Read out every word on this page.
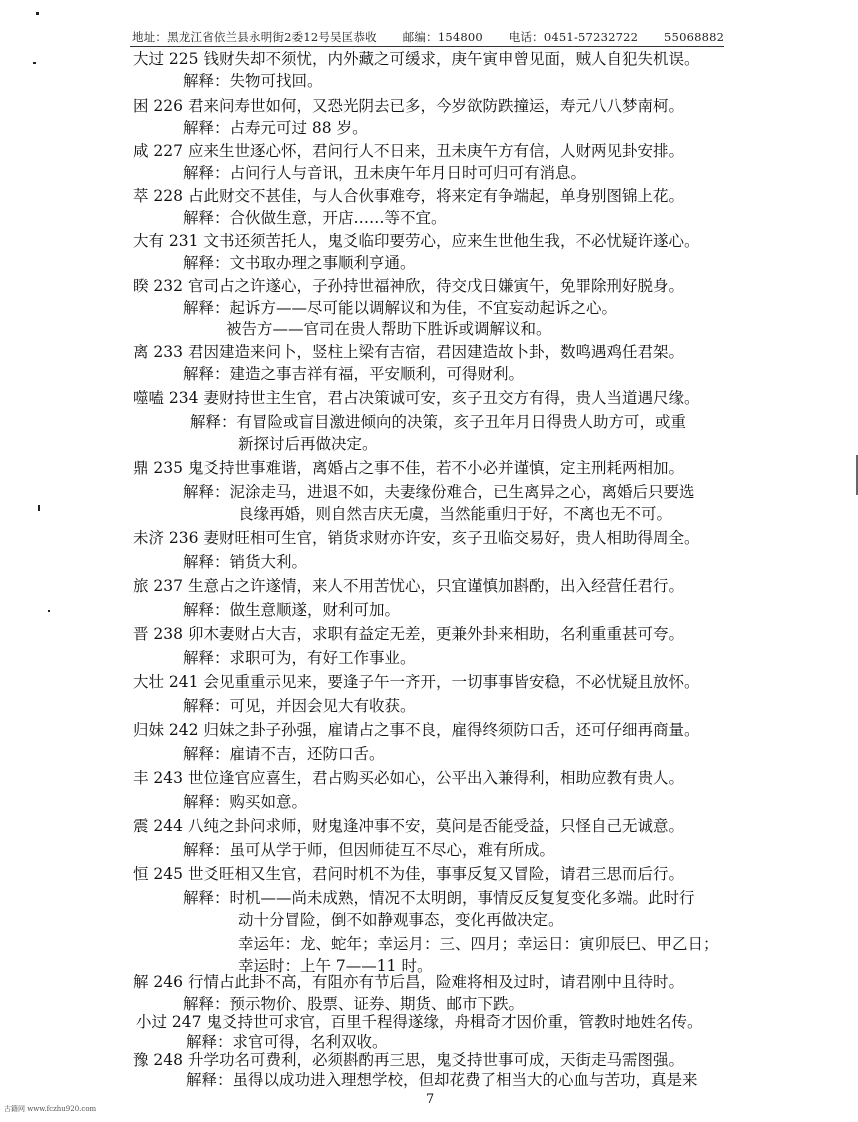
地址：黑龙江省依兰县永明街2委12号吴匡恭收 邮编：154800 电话：0451-57232722 55068882
大过 225 钱财失却不须忧，内外藏之可缓求，庚午寅申曾见面，贼人自犯失机误。
解释：失物可找回。
困 226 君来问寿世如何，又恐光阴去已多，今岁欲防跌撞运，寿元八八梦南柯。
解释：占寿元可过 88 岁。
咸 227 应来生世逐心怀，君问行人不日来，丑未庚午方有信，人财两见卦安排。
解释：占问行人与音讯，丑未庚午年月日时可归可有消息。
萃 228 占此财交不甚佳，与人合伙事难夸，将来定有争端起，单身别图锦上花。
解释：合伙做生意，开店……等不宜。
大有 231 文书还须苦托人，鬼爻临印要劳心，应来生世他生我，不必忧疑许遂心。
解释：文书取办理之事顺利亨通。
睽 232 官司占之许遂心，子孙持世福神欣，待交戊日嫌寅午，免罪除刑好脱身。
解释：起诉方——尽可能以调解议和为佳，不宜妄动起诉之心。
被告方——官司在贵人帮助下胜诉或调解议和。
离 233 君因建造来问卜，竖柱上梁有吉宿，君因建造故卜卦，数鸣遇鸡任君架。
解释：建造之事吉祥有福，平安顺利，可得财利。
噬嗑 234 妻财持世主生官，君占决策诚可安，亥子丑交方有得，贵人当道遇尺缘。
解释：有冒险或盲目激进倾向的决策，亥子丑年月日得贵人助方可，或重
新探讨后再做决定。
鼎 235 鬼爻持世事难谐，离婚占之事不佳，若不小必并谨慎，定主刑耗两相加。
解释：泥涂走马，进退不如，夫妻缘份难合，已生离异之心，离婚后只要选
良缘再婚，则自然吉庆无虞，当然能重归于好，不离也无不可。
未济 236 妻财旺相可生官，销货求财亦许安，亥子丑临交易好，贵人相助得周全。
解释：销货大利。
旅 237 生意占之许遂情，来人不用苦忧心，只宜谨慎加斟酌，出入经营任君行。
解释：做生意顺遂，财利可加。
晋 238 卯木妻财占大吉，求职有益定无差，更兼外卦来相助，名利重重甚可夸。
解释：求职可为，有好工作事业。
大壮 241 会见重重示见来，要逢子午一齐开，一切事事皆安稳，不必忧疑且放怀。
解释：可见，并因会见大有收获。
归妹 242 归妹之卦子孙强，雇请占之事不良，雇得终须防口舌，还可仔细再商量。
解释：雇请不吉，还防口舌。
丰 243 世位逢官应喜生，君占购买必如心，公平出入兼得利，相助应教有贵人。
解释：购买如意。
震 244 八纯之卦问求师，财鬼逢冲事不安，莫问是否能受益，只怪自己无诚意。
解释：虽可从学于师，但因师徒互不尽心，难有所成。
恒 245 世爻旺相又生官，君问时机不为佳，事事反复又冒险，请君三思而后行。
解释：时机——尚未成熟，情况不太明朗，事情反反复复变化多端。此时行
动十分冒险，倒不如静观事态，变化再做决定。
幸运年：龙、蛇年；幸运月：三、四月；幸运日：寅卯辰巳、甲乙日；
幸运时：上午 7——11 时。
解 246 行情占此卦不高，有阻亦有节后昌，险难将相及过时，请君刚中且待时。
解释：预示物价、股票、证券、期货、邮市下跌。
小过 247 鬼爻持世可求官，百里千程得遂缘，舟楫奇才因价重，管教时地姓名传。
解释：求官可得，名利双收。
7
古籍网 www.fczhu920.com
豫 248 升学功名可费利，必须斟酌再三思，鬼爻持世事可成，天街走马需图强。
解释：虽得以成功进入理想学校，但却花费了相当大的心血与苦功，真是来
